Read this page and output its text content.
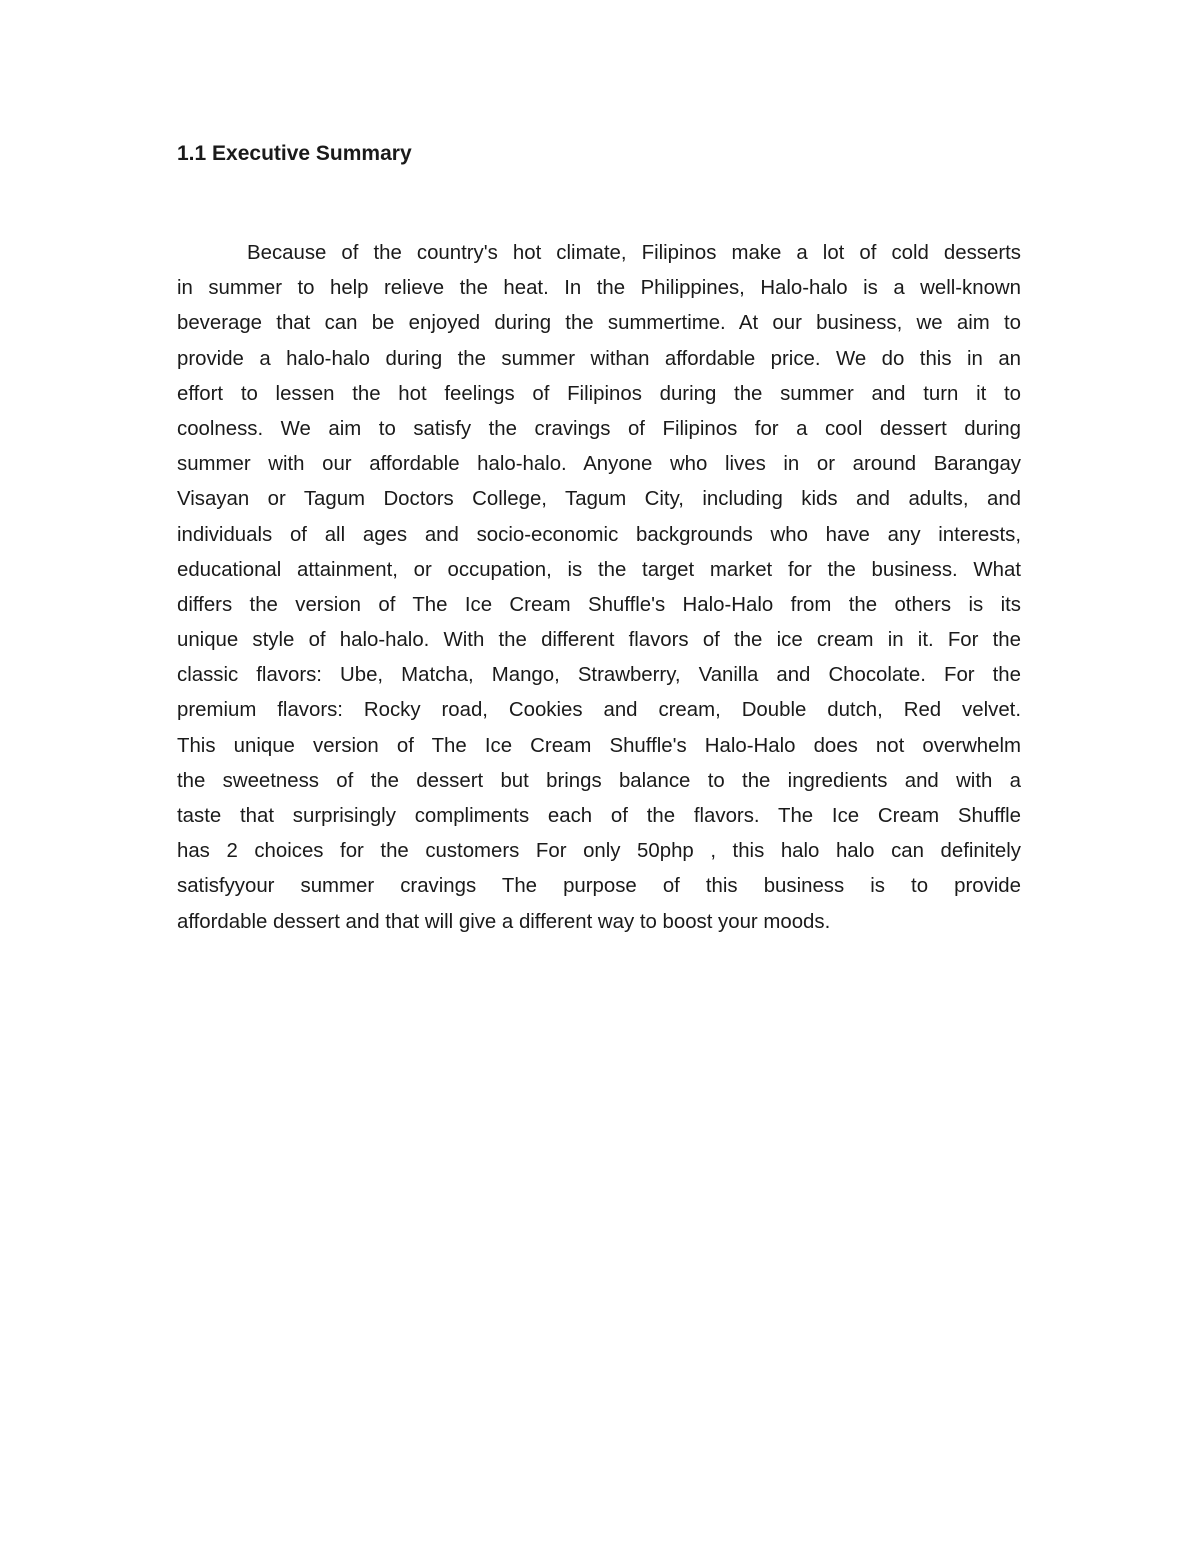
1.1 Executive Summary
Because of the country's hot climate, Filipinos make a lot of cold desserts
in summer to help relieve the heat. In the Philippines, Halo-halo is a well-known
beverage that can be enjoyed during the summertime. At our business, we aim to
provide a halo-halo during the summer withan affordable price. We do this in an
effort to lessen the hot feelings of Filipinos during the summer and turn it to
coolness. We aim to satisfy the cravings of Filipinos for a cool dessert during
summer with our affordable halo-halo. Anyone who lives in or around Barangay
Visayan or Tagum Doctors College, Tagum City, including kids and adults, and
individuals of all ages and socio-economic backgrounds who have any interests,
educational attainment, or occupation, is the target market for the business. What
differs the version of The Ice Cream Shuffle's Halo-Halo from the others is its
unique style of halo-halo. With the different flavors of the ice cream in it. For the
classic flavors: Ube, Matcha, Mango, Strawberry, Vanilla and Chocolate. For the
premium flavors: Rocky road, Cookies and cream, Double dutch, Red velvet.
This unique version of The Ice Cream Shuffle's Halo-Halo does not overwhelm
the sweetness of the dessert but brings balance to the ingredients and with a
taste that surprisingly compliments each of the flavors. The Ice Cream Shuffle
has 2 choices for the customers For only 50php , this halo halo can definitely
satisfyyour summer cravings The purpose of this business is to provide
affordable dessert and that will give a different way to boost your moods.
